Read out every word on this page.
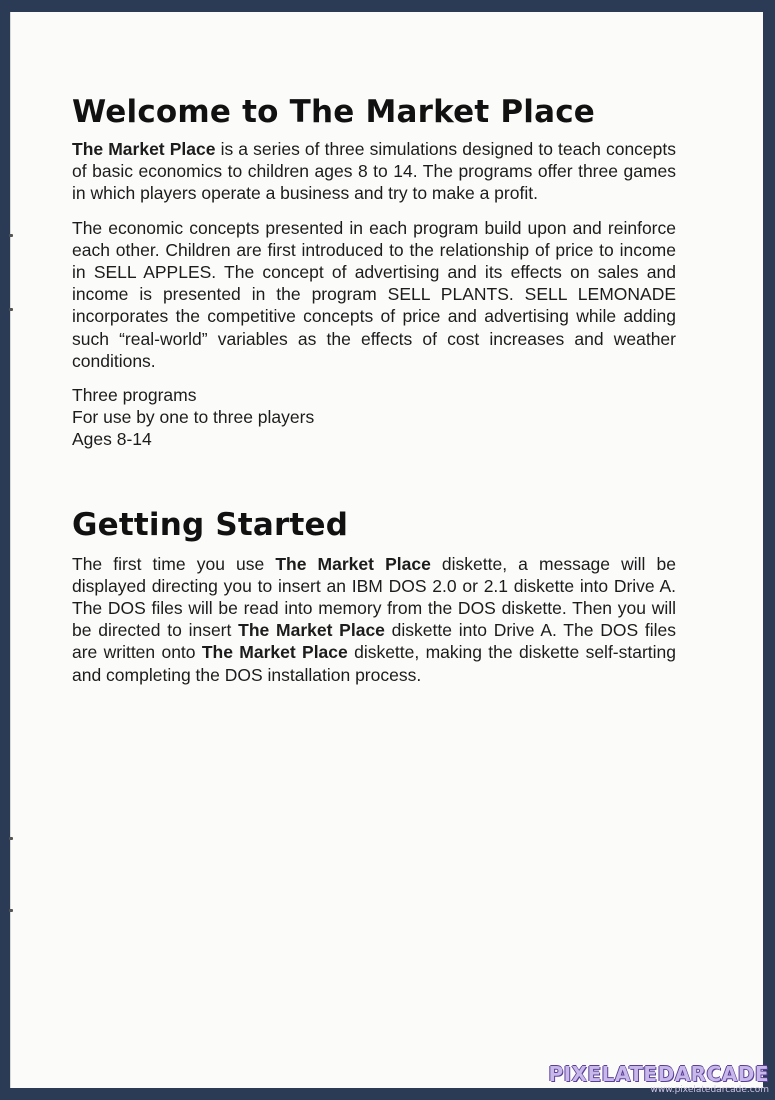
Welcome to The Market Place

The Market Place is a series of three simulations designed to teach concepts of basic economics to children ages 8 to 14. The programs offer three games in which players operate a business and try to make a profit.

The economic concepts presented in each program build upon and reinforce each other. Children are first introduced to the relationship of price to income in SELL APPLES. The concept of advertising and its effects on sales and income is presented in the program SELL PLANTS. SELL LEMONADE incorporates the competitive concepts of price and advertising while adding such “real-world” variables as the effects of cost increases and weather conditions.

Three programs
For use by one to three players
Ages 8-14
Getting Started

The first time you use The Market Place diskette, a message will be displayed directing you to insert an IBM DOS 2.0 or 2.1 diskette into Drive A. The DOS files will be read into memory from the DOS diskette. Then you will be directed to insert The Market Place diskette into Drive A. The DOS files are written onto The Market Place diskette, making the diskette self-starting and completing the DOS installation process.

PIXELATEDARCADE
www.pixelatedarcade.com
